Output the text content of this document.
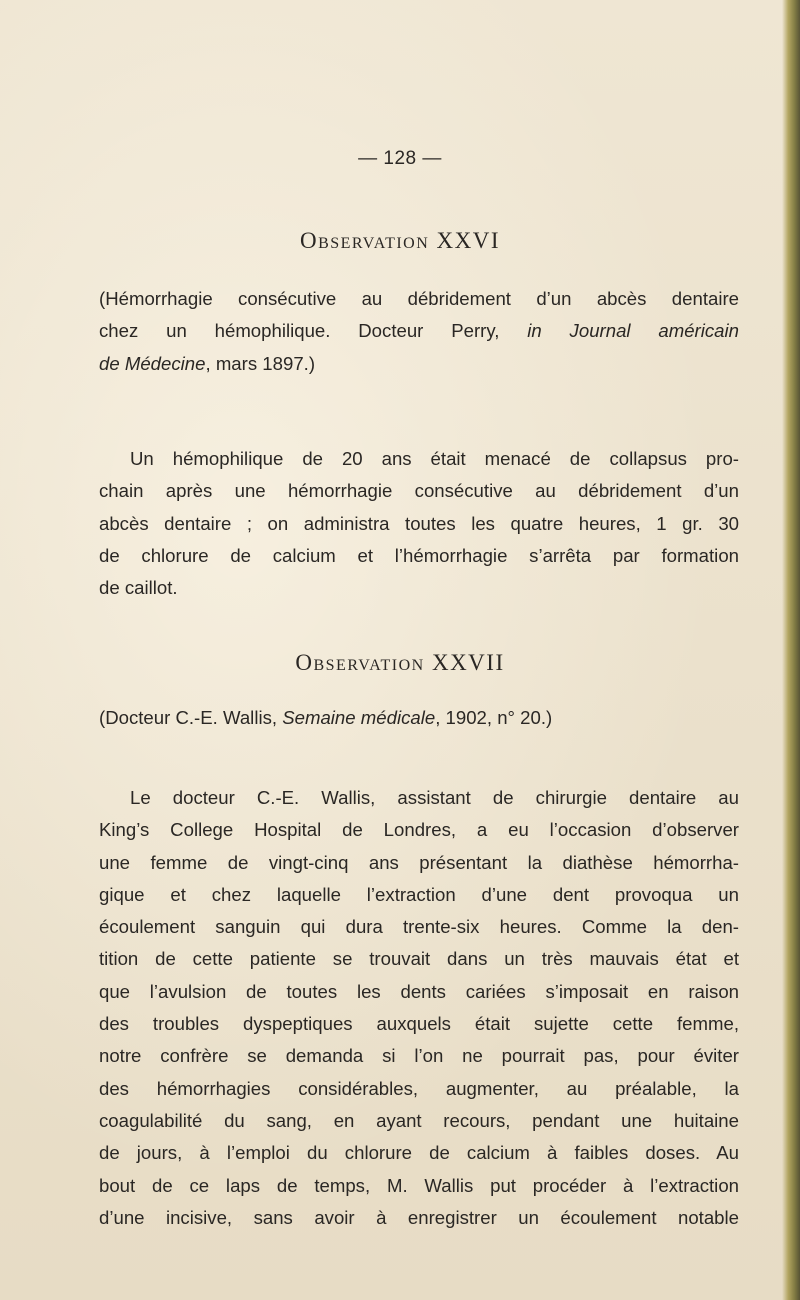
— 128 —
Observation XXVI
(Hémorrhagie consécutive au débridement d’un abcès dentaire
chez un hémophilique. Docteur Perry, in Journal américain
de Médecine, mars 1897.)
Un hémophilique de 20 ans était menacé de collapsus pro-
chain après une hémorrhagie consécutive au débridement d’un
abcès dentaire ; on administra toutes les quatre heures, 1 gr. 30
de chlorure de calcium et l’hémorrhagie s’arrêta par formation
de caillot.
Observation XXVII
(Docteur C.-E. Wallis, Semaine médicale, 1902, n° 20.)
Le docteur C.-E. Wallis, assistant de chirurgie dentaire au
King’s College Hospital de Londres, a eu l’occasion d’observer
une femme de vingt-cinq ans présentant la diathèse hémorrha-
gique et chez laquelle l’extraction d’une dent provoqua un
écoulement sanguin qui dura trente-six heures. Comme la den-
tition de cette patiente se trouvait dans un très mauvais état et
que l’avulsion de toutes les dents cariées s’imposait en raison
des troubles dyspeptiques auxquels était sujette cette femme,
notre confrère se demanda si l’on ne pourrait pas, pour éviter
des hémorrhagies considérables, augmenter, au préalable, la
coagulabilité du sang, en ayant recours, pendant une huitaine
de jours, à l’emploi du chlorure de calcium à faibles doses. Au
bout de ce laps de temps, M. Wallis put procéder à l’extraction
d’une incisive, sans avoir à enregistrer un écoulement notable
